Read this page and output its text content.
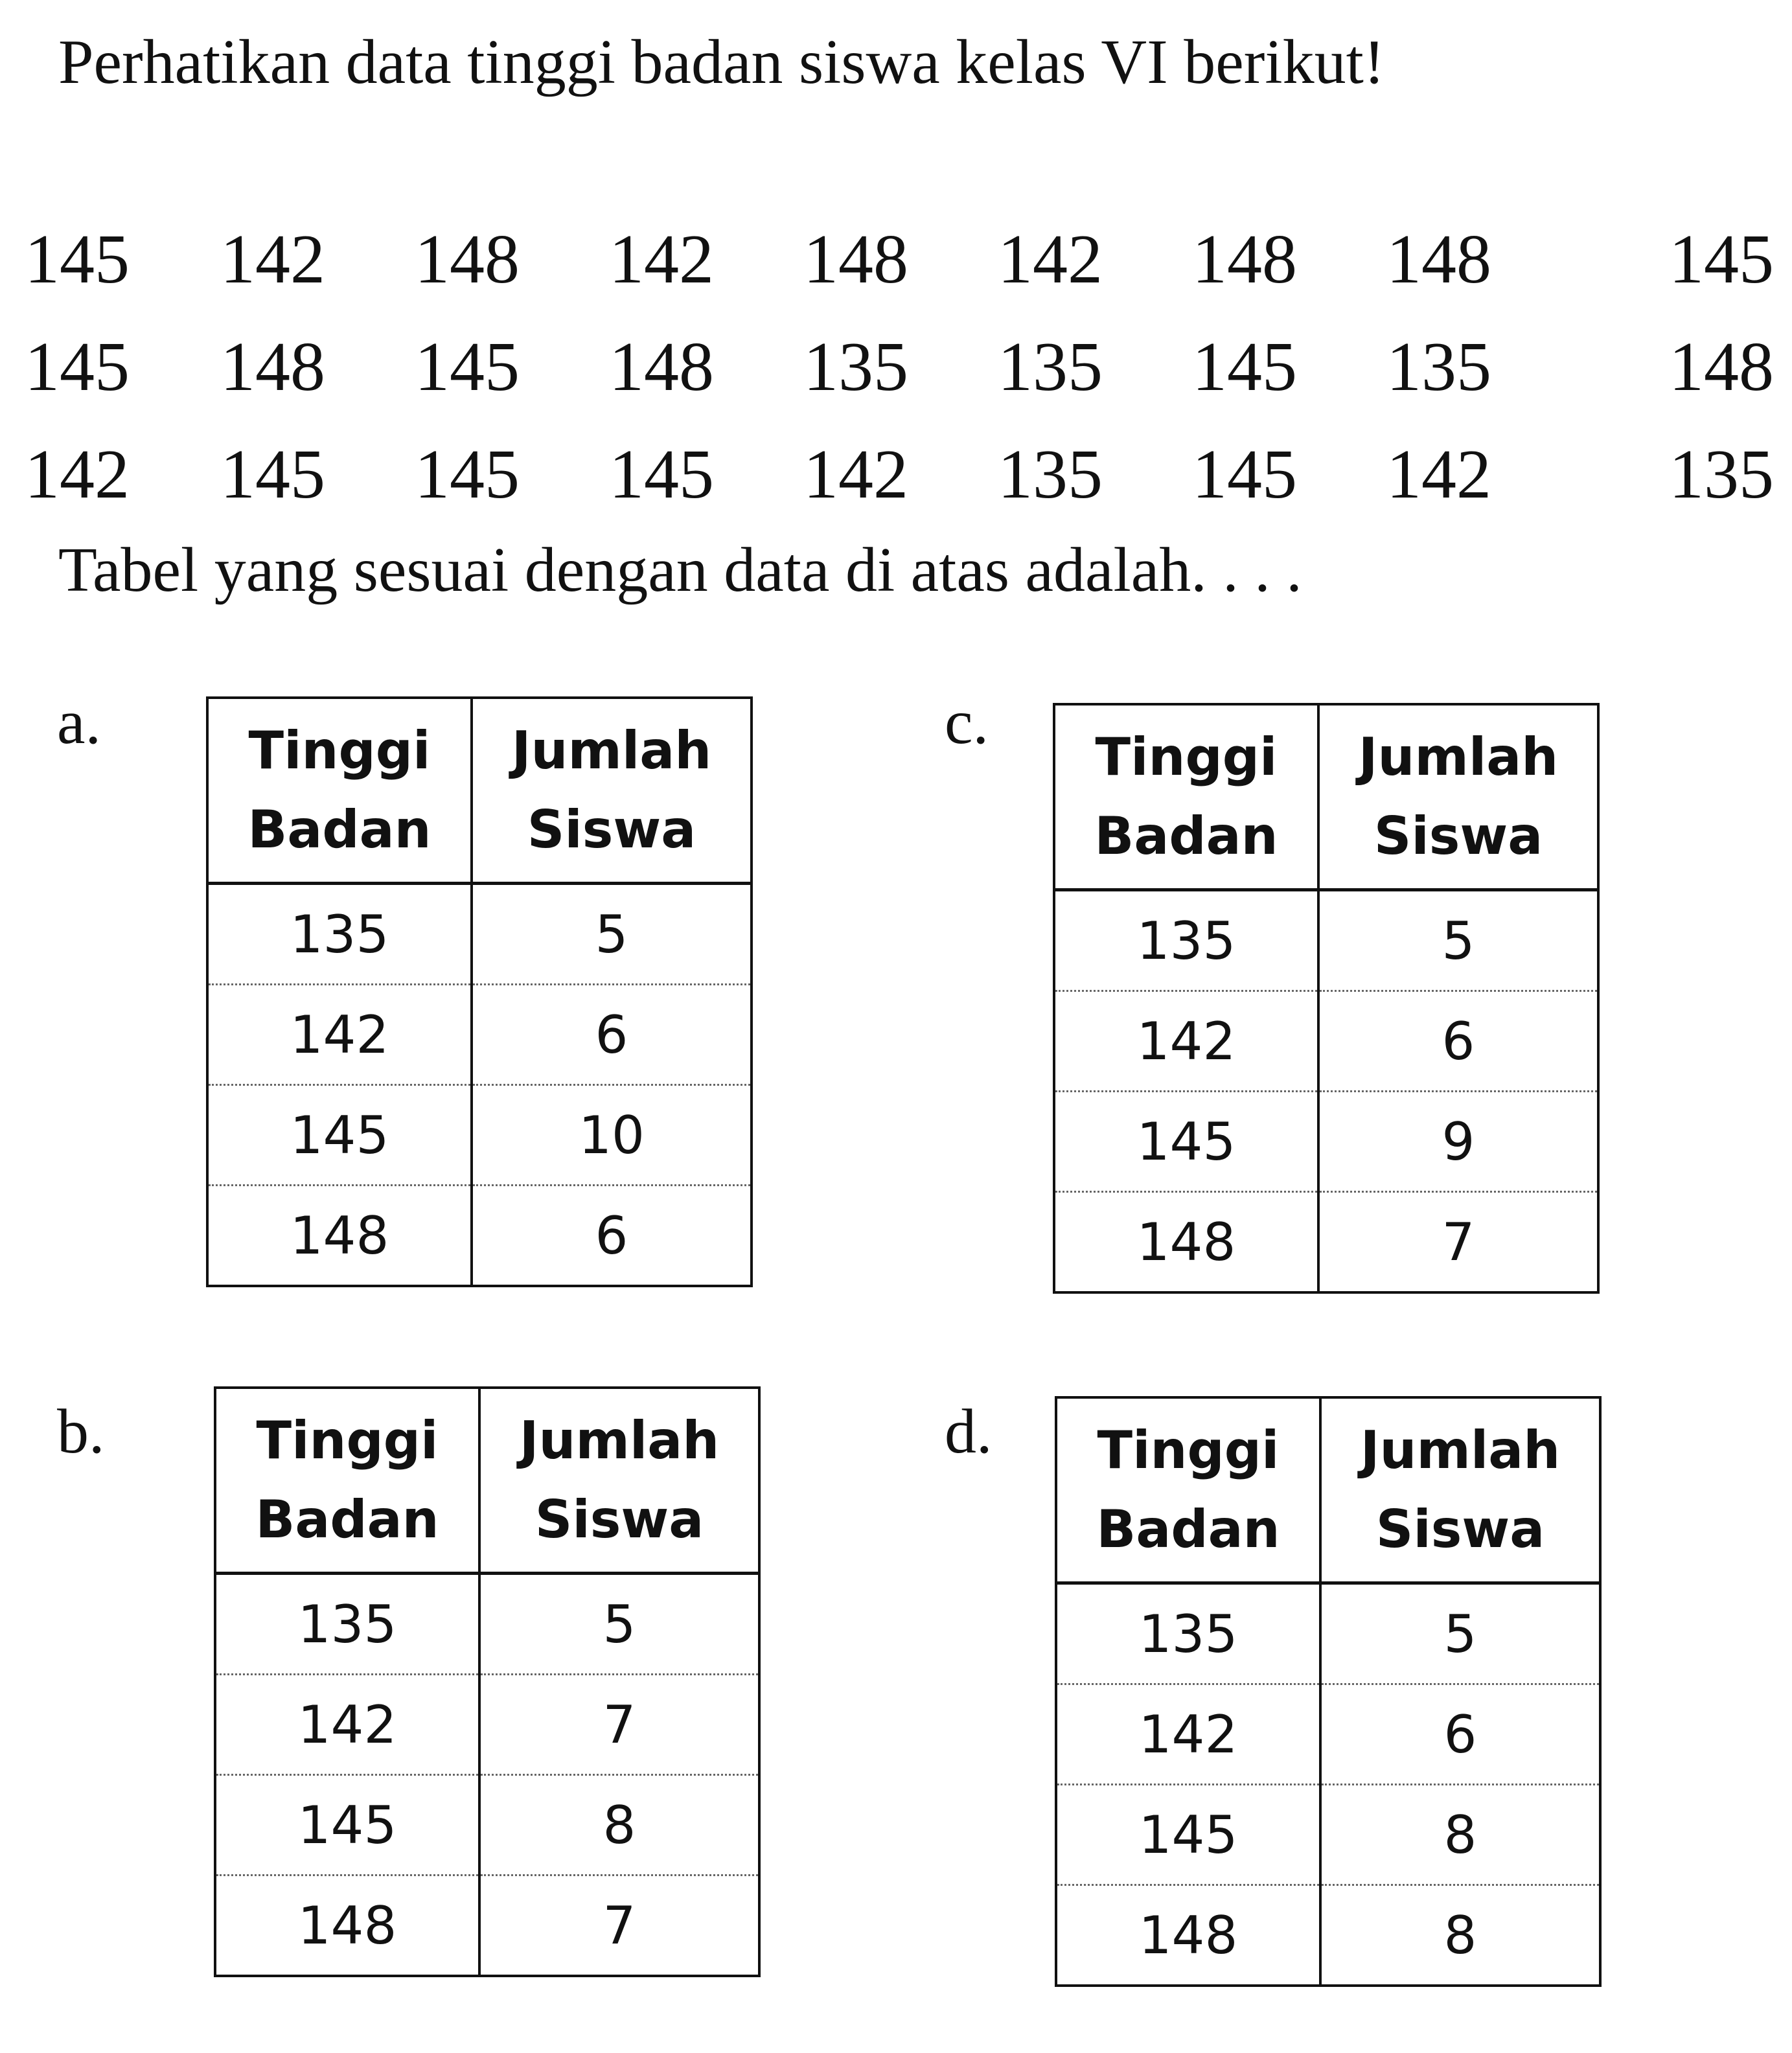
Perhatikan data tinggi badan siswa kelas VI berikut!
145	142	148	142	148	142	148	148	145
145	148	145	148	135	135	145	135	148
142	145	145	145	142	135	145	142	135
Tabel yang sesuai dengan data di atas adalah. . . .
a.	Tinggi Badan	Jumlah Siswa
135	5
142	6
145	10
148	6
c. Tinggi Badan	Jumlah Siswa
135	5
142	6
145	9
148	7
b.	Tinggi Badan	Jumlah Siswa
135	5
142	7
145	8
148	7
d. Tinggi Badan	Jumlah Siswa
135	5
142	6
145	8
148	8
